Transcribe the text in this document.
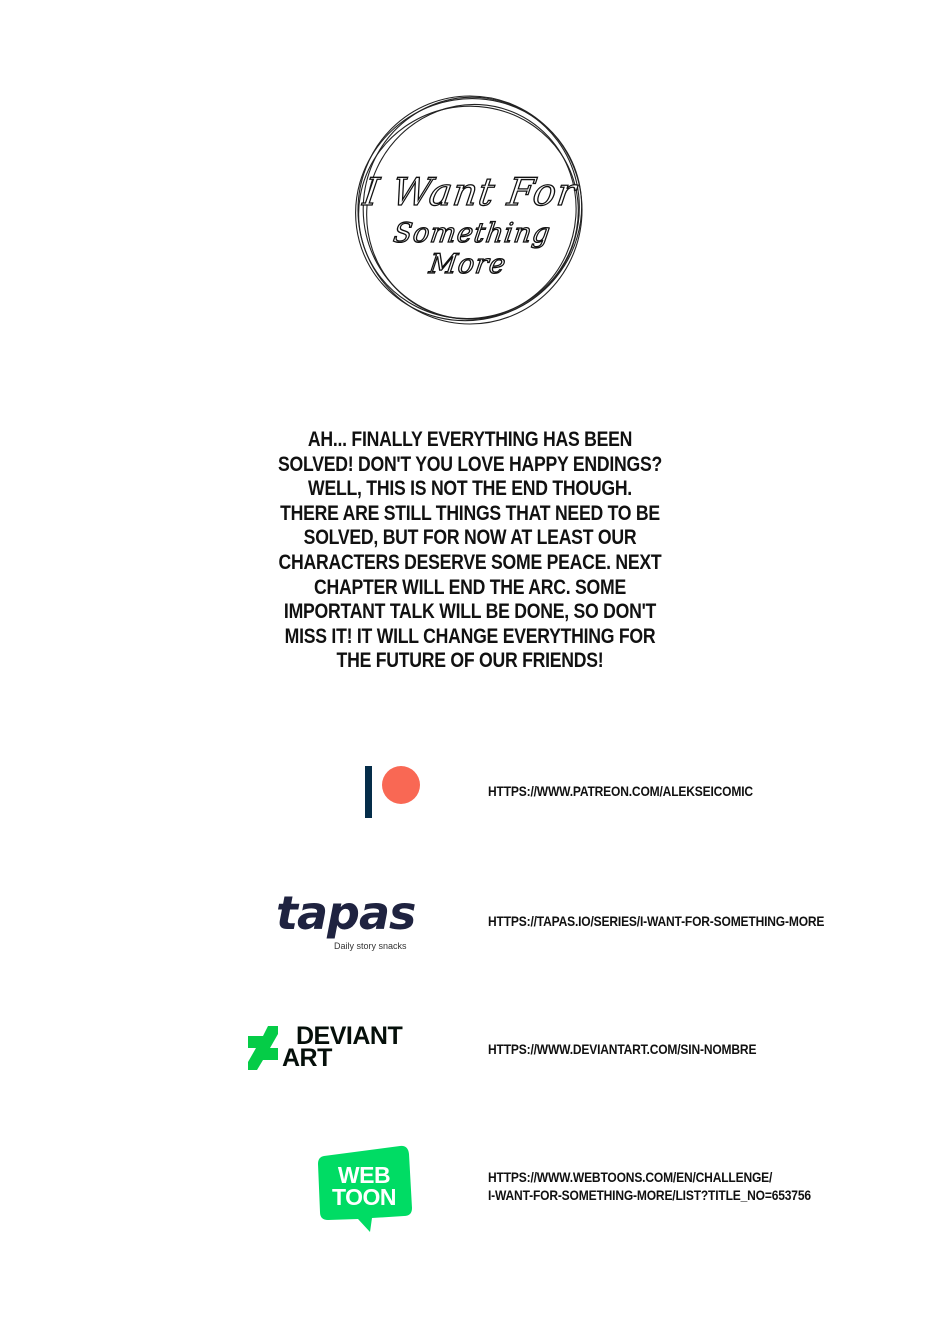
I Want For
Something More

AH... FINALLY EVERYTHING HAS BEEN SOLVED! DON'T YOU LOVE HAPPY ENDINGS? WELL, THIS IS NOT THE END THOUGH. THERE ARE STILL THINGS THAT NEED TO BE SOLVED, BUT FOR NOW AT LEAST OUR CHARACTERS DESERVE SOME PEACE. NEXT CHAPTER WILL END THE ARC. SOME IMPORTANT TALK WILL BE DONE, SO DON'T MISS IT! IT WILL CHANGE EVERYTHING FOR THE FUTURE OF OUR FRIENDS!

HTTPS://WWW.PATREON.COM/ALEKSEICOMIC

tapas
Daily story snacks

HTTPS://TAPAS.IO/SERIES/I-WANT-FOR-SOMETHING-MORE

DEVIANT
ART	HTTPS://WWW.DEVIANTART.COM/SIN-NOMBRE

WEB
TOON

HTTPS://WWW.WEBTOONS.COM/EN/CHALLENGE/

I-WANT-FOR-SOMETHING-MORE/LIST?TITLE_NO=653756
